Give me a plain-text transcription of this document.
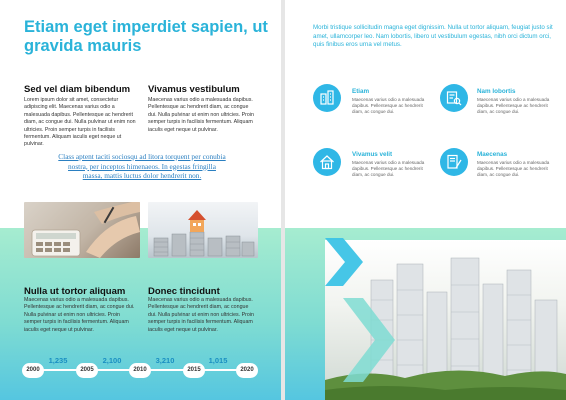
Etiam eget imperdiet sapien, ut gravida mauris
Sed vel diam bibendum

Lorem ipsum dolor sit amet, consectetur adipiscing elit. Maecenas varius odio a malesuada dapibus. Pellentesque ac hendrerit diam, ac congue dui. Nulla pulvinar ut enim non ultricies. Proin semper turpis in facilisis fermentum. Aliquam iaculis eget neque ut pulvinar.

Vivamus vestibulum

Maecenas varius odio a malesuada dapibus. Pellentesque ac hendrerit diam, ac congue dui. Nulla pulvinar ut enim non ultricies. Proin semper turpis in facilisis fermentum. Aliquam iaculis eget neque ut pulvinar.

Class aptent taciti sociosqu ad litora torquent per conubia nostra, per inceptos himenaeos. In egestas fringilla massa, mattis luctus dolor hendrerit non.

Nulla ut tortor aliquam

Maecenas varius odio a malesuada dapibus. Pellentesque ac hendrerit diam, ac congue dui. Nulla pulvinar ut enim non ultricies. Proin semper turpis in facilisis fermentum. Aliquam iaculis eget neque ut pulvinar.

Donec tincidunt

Maecenas varius odio a malesuada dapibus. Pellentesque ac hendrerit diam, ac congue dui. Nulla pulvinar ut enim non ultricies. Proin semper turpis in facilisis fermentum. Aliquam iaculis eget neque ut pulvinar.

1,235	2,100	3,210	1,015
2000	2005	2010	2015	2020

Morbi tristique sollicitudin magna eget dignissim. Nulla ut tortor aliquam, feugiat justo sit amet, ullamcorper leo. Nam lobortis, libero ut vestibulum egestas, nibh orci dictum orci, quis finibus eros urna vel metus.

Etiam

Maecenas varius odio a malesuada dapibus. Pellentesque ac hendrerit diam, ac congue dui.

Nam lobortis

Maecenas varius odio a malesuada dapibus. Pellentesque ac hendrerit diam, ac congue dui.

Vivamus velit

Maecenas varius odio a malesuada dapibus. Pellentesque ac hendrerit diam, ac congue dui.

Maecenas

Maecenas varius odio a malesuada dapibus. Pellentesque ac hendrerit diam, ac congue dui.
